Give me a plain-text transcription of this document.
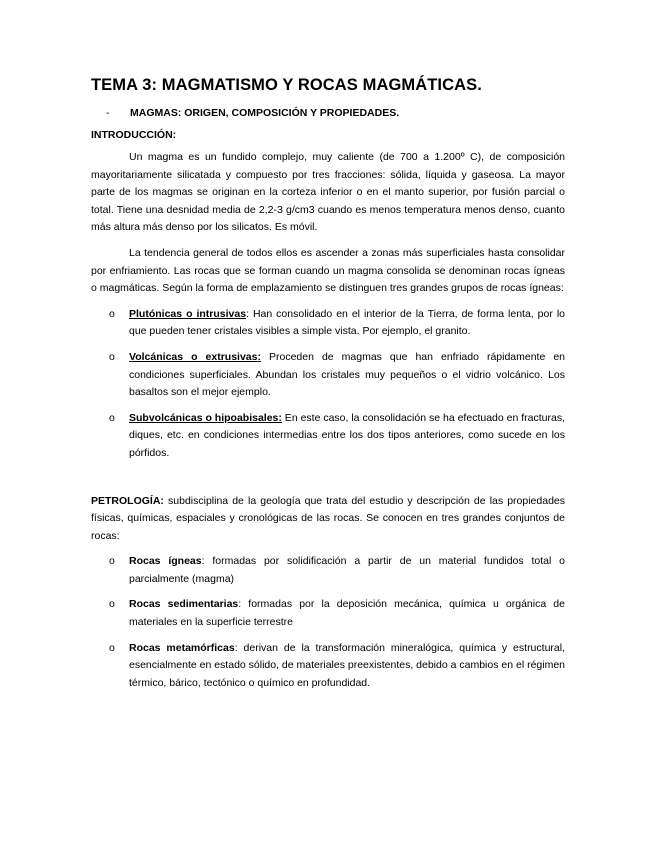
TEMA 3: MAGMATISMO Y ROCAS MAGMÁTICAS.
- MAGMAS: ORIGEN, COMPOSICIÓN Y PROPIEDADES.
INTRODUCCIÓN:

Un magma es un fundido complejo, muy caliente (de 700 a 1.200º C), de composición mayoritariamente silicatada y compuesto por tres fracciones: sólida, líquida y gaseosa. La mayor parte de los magmas se originan en la corteza inferior o en el manto superior, por fusión parcial o total. Tiene una desnidad media de 2,2-3 g/cm3 cuando es menos temperatura menos denso, cuanto más altura más denso por los silicatos. Es móvil.

La tendencia general de todos ellos es ascender a zonas más superficiales hasta consolidar por enfriamiento. Las rocas que se forman cuando un magma consolida se denominan rocas ígneas o magmáticas. Según la forma de emplazamiento se distinguen tres grandes grupos de rocas ígneas:

o Plutónicas o intrusivas: Han consolidado en el interior de la Tierra, de forma lenta, por lo que pueden tener cristales visibles a simple vista. Por ejemplo, el granito.
o Volcánicas o extrusivas: Proceden de magmas que han enfriado rápidamente en condiciones superficiales. Abundan los cristales muy pequeños o el vidrio volcánico. Los basaltos son el mejor ejemplo.
o Subvolcánicas o hipoabisales: En este caso, la consolidación se ha efectuado en fracturas, diques, etc. en condiciones intermedias entre los dos tipos anteriores, como sucede en los pórfidos.

PETROLOGÍA: subdisciplina de la geología que trata del estudio y descripción de las propiedades físicas, químicas, espaciales y cronológicas de las rocas. Se conocen en tres grandes conjuntos de rocas:

o Rocas ígneas: formadas por solidificación a partir de un material fundidos total o parcialmente (magma)
o Rocas sedimentarias: formadas por la deposición mecánica, química u orgánica de materiales en la superficie terrestre
o Rocas metamórficas: derivan de la transformación mineralógica, química y estructural, esencialmente en estado sólido, de materiales preexistentes, debido a cambios en el régimen térmico, bárico, tectónico o químico en profundidad.
